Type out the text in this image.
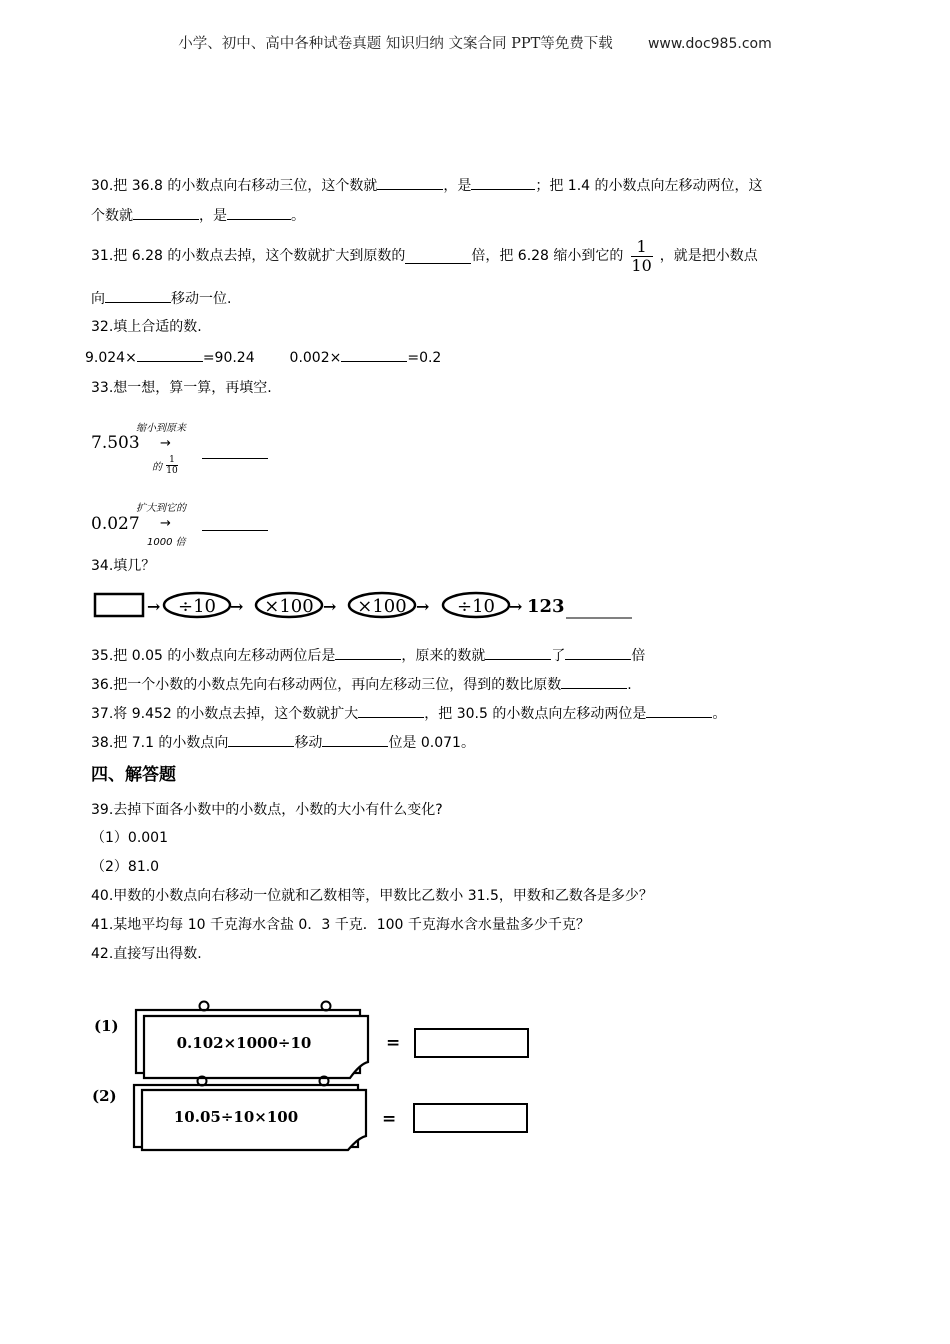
小学、初中、高中各种试卷真题 知识归纳 文案合同 PPT等免费下载	www.doc985.com
30.把 36.8 的小数点向右移动三位，这个数就	，是	；把 1.4 的小数点向左移动两位，这
个数就	，是	。
31.把 6.28 的小数点去掉，这个数就扩大到原数的	倍，把 6.28 缩小到它的 $\frac{1}{10}$ ，就是把小数点
向	移动一位.
32.填上合适的数.
9.024×	=90.24 0.002×	=0.2
33.想一想，算一算，再填空.
7.503
缩小到原来
→
的 $\frac{1}{10}$
0.027
扩大到它的
→
1000 倍
34.填几？
→ ÷10 → ×100 → ×100 → ÷10 → 123
35.把 0.05 的小数点向左移动两位后是	，原来的数就	了	倍
36.把一个小数的小数点先向右移动两位，再向左移动三位，得到的数比原数	.
37.将 9.452 的小数点去掉，这个数就扩大	，把 30.5 的小数点向左移动两位是	。
38.把 7.1 的小数点向	移动	位是 0.071。
四、解答题
39.去掉下面各小数中的小数点，小数的大小有什么变化?
（1）0.001
（2）81.0
40.甲数的小数点向右移动一位就和乙数相等，甲数比乙数小 31.5，甲数和乙数各是多少？
41.某地平均每 10 千克海水含盐 0．3 千克．100 千克海水含水量盐多少千克？
42.直接写出得数.
(1)
0.102×1000÷10	=
(2)
10.05÷10×100	=
